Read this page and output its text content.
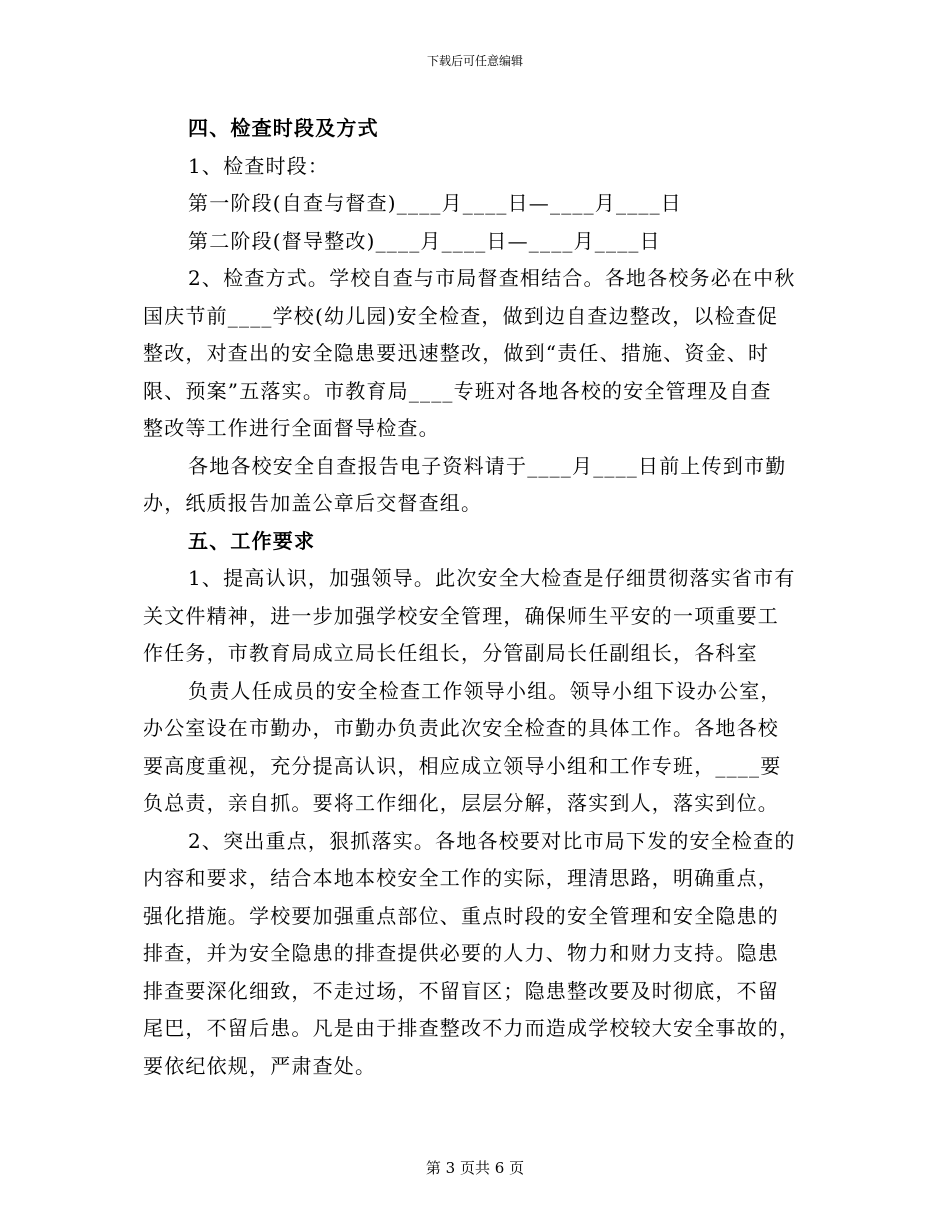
下载后可任意编辑
四、检查时段及方式
1、检查时段：
第一阶段(自查与督查)____月____日—____月____日
第二阶段(督导整改)____月____日—____月____日
2、检查方式。学校自查与市局督查相结合。各地各校务必在中秋
国庆节前____学校(幼儿园)安全检查，做到边自查边整改，以检查促
整改，对查出的安全隐患要迅速整改，做到“责任、措施、资金、时
限、预案”五落实。市教育局____专班对各地各校的安全管理及自查
整改等工作进行全面督导检查。
各地各校安全自查报告电子资料请于____月____日前上传到市勤
办，纸质报告加盖公章后交督查组。
五、工作要求
1、提高认识，加强领导。此次安全大检查是仔细贯彻落实省市有
关文件精神，进一步加强学校安全管理，确保师生平安的一项重要工
作任务，市教育局成立局长任组长，分管副局长任副组长，各科室
负责人任成员的安全检查工作领导小组。领导小组下设办公室，
办公室设在市勤办，市勤办负责此次安全检查的具体工作。各地各校
要高度重视，充分提高认识，相应成立领导小组和工作专班，____要
负总责，亲自抓。要将工作细化，层层分解，落实到人，落实到位。
2、突出重点，狠抓落实。各地各校要对比市局下发的安全检查的
内容和要求，结合本地本校安全工作的实际，理清思路，明确重点，
强化措施。学校要加强重点部位、重点时段的安全管理和安全隐患的
排查，并为安全隐患的排查提供必要的人力、物力和财力支持。隐患
排查要深化细致，不走过场，不留盲区；隐患整改要及时彻底，不留
尾巴，不留后患。凡是由于排查整改不力而造成学校较大安全事故的，
要依纪依规，严肃查处。
第 3 页共 6 页
